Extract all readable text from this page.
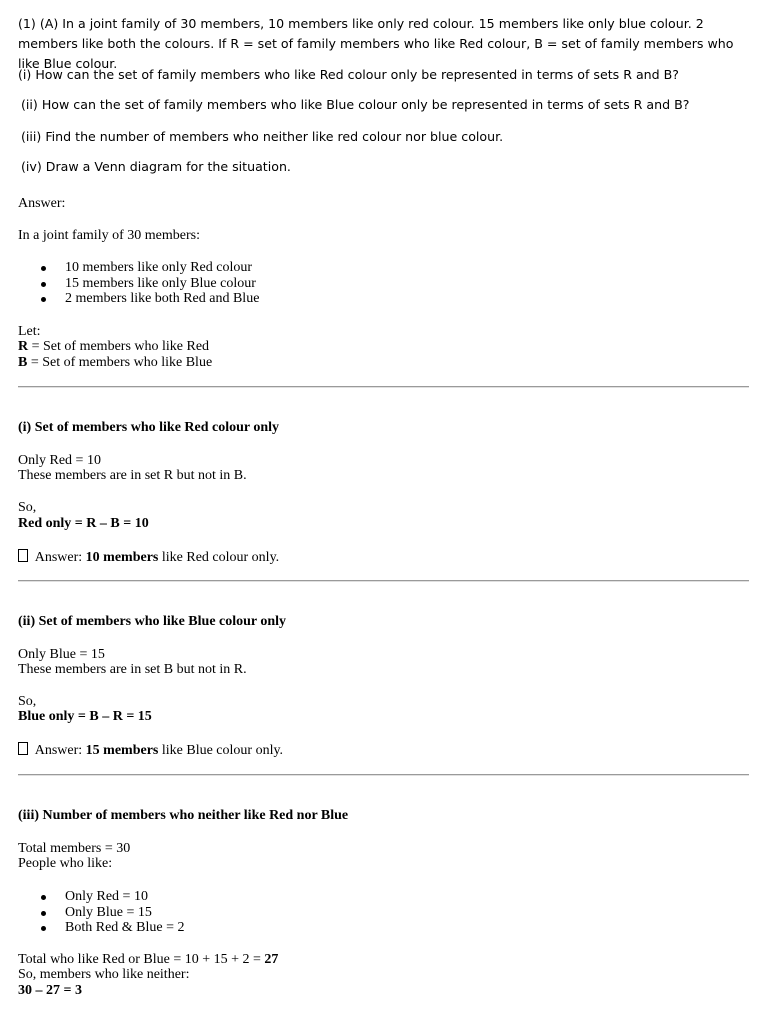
(1) (A) In a joint family of 30 members, 10 members like only red colour. 15 members like only blue colour. 2 members like both the colours. If R = set of family members who like Red colour, B = set of family members who like Blue colour.

(i) How can the set of family members who like Red colour only be represented in terms of sets R and B?

(ii) How can the set of family members who like Blue colour only be represented in terms of sets R and B?

(iii) Find the number of members who neither like red colour nor blue colour.

(iv) Draw a Venn diagram for the situation.

Answer:

In a joint family of 30 members:

10 members like only Red colour
15 members like only Blue colour
2 members like both Red and Blue

Let:

R = Set of members who like Red

B = Set of members who like Blue

(i) Set of members who like Red colour only

Only Red = 10

These members are in set R but not in B.

So,

Red only = R – B = 10

Answer: 10 members like Red colour only.

(ii) Set of members who like Blue colour only

Only Blue = 15

These members are in set B but not in R.

So,

Blue only = B – R = 15

Answer: 15 members like Blue colour only.

(iii) Number of members who neither like Red nor Blue

Total members = 30

People who like:

Only Red = 10
Only Blue = 15
Both Red & Blue = 2

Total who like Red or Blue = 10 + 15 + 2 = 27

So, members who like neither:

30 – 27 = 3
